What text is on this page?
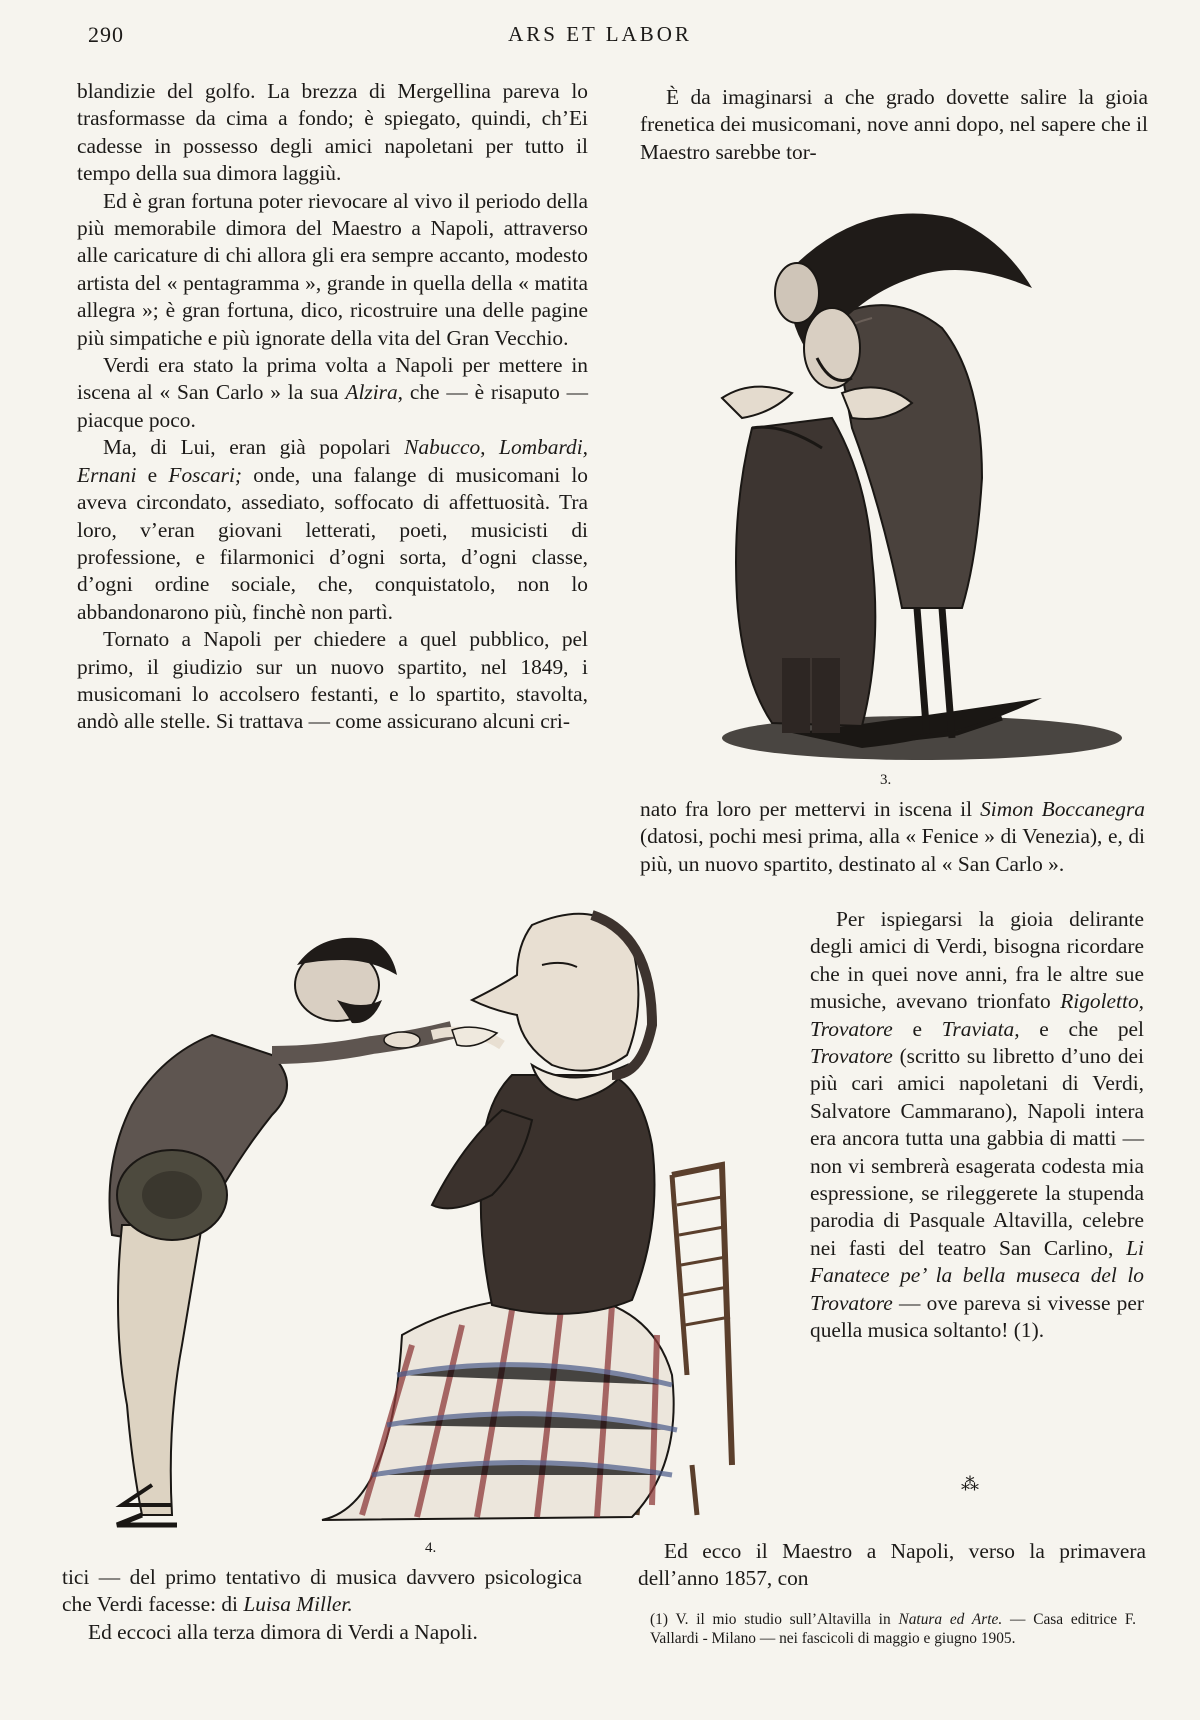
290	ARS ET LABOR

blandizie del golfo. La brezza di Mergellina pareva lo trasformasse da cima a fondo; è spiegato, quindi, ch’Ei cadesse in possesso degli amici napoletani per tutto il tempo della sua dimora laggiù.

Ed è gran fortuna poter rievocare al vivo il periodo della più memorabile dimora del Maestro a Napoli, attraverso alle caricature di chi allora gli era sempre accanto, modesto artista del « pentagramma », grande in quella della « matita allegra »; è gran fortuna, dico, ricostruire una delle pagine più simpatiche e più ignorate della vita del Gran Vecchio.

Verdi era stato la prima volta a Napoli per mettere in iscena al « San Carlo » la sua Alzira, che — è risaputo — piacque poco.

Ma, di Lui, eran già popolari Nabucco, Lombardi, Ernani e Foscari; onde, una falange di musicomani lo aveva circondato, assediato, soffocato di affettuosità. Tra loro, v’eran giovani letterati, poeti, musicisti di professione, e filarmonici d’ogni sorta, d’ogni classe, d’ogni ordine sociale, che, conquistatolo, non lo abbandonarono più, finchè non partì.

Tornato a Napoli per chiedere a quel pubblico, pel primo, il giudizio sur un nuovo spartito, nel 1849, i musicomani lo accolsero festanti, e lo spartito, stavolta, andò alle stelle. Si trattava — come assicurano alcuni cri-

È da imaginarsi a che grado dovette salire la gioia frenetica dei musicomani, nove anni dopo, nel sapere che il Maestro sarebbe tor-

3.

nato fra loro per mettervi in iscena il Simon Boccanegra (datosi, pochi mesi prima, alla « Fenice » di Venezia), e, di più, un nuovo spartito, destinato al « San Carlo ».

Per ispiegarsi la gioia delirante degli amici di Verdi, bisogna ricordare che in quei nove anni, fra le altre sue musiche, avevano trionfato Rigoletto, Trovatore e Traviata, e che pel Trovatore (scritto su libretto d’uno dei più cari amici napoletani di Verdi, Salvatore Cammarano), Napoli intera era ancora tutta una gabbia di matti — non vi sembrerà esagerata codesta mia espressione, se rileggerete la stupenda parodia di Pasquale Altavilla, celebre nei fasti del teatro San Carlino, Li Fanatece pe’ la bella museca del lo Trovatore — ove pareva si vivesse per quella musica soltanto! (1).

4.
⁂

tici — del primo tentativo di musica davvero psicologica che Verdi facesse: di Luisa Miller.

Ed eccoci alla terza dimora di Verdi a Napoli.

Ed ecco il Maestro a Napoli, verso la primavera dell’anno 1857, con

(1) V. il mio studio sull’Altavilla in Natura ed Arte. — Casa editrice F. Vallardi - Milano — nei fascicoli di maggio e giugno 1905.
